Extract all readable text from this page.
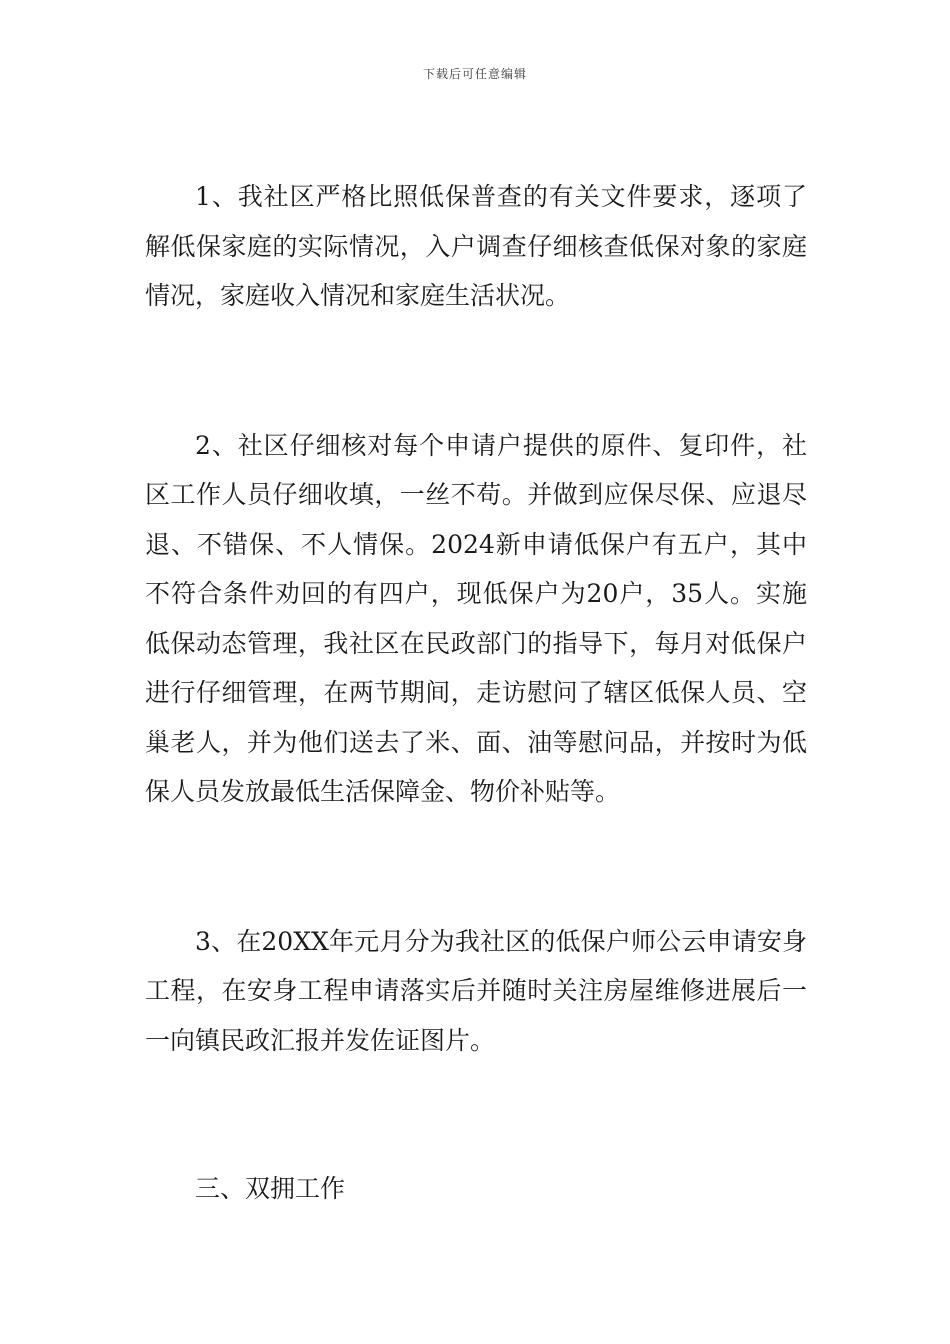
下载后可任意编辑

1、我社区严格比照低保普查的有关文件要求，逐项了解低保家庭的实际情况，入户调查仔细核查低保对象的家庭情况，家庭收入情况和家庭生活状况。

2、社区仔细核对每个申请户提供的原件、复印件，社区工作人员仔细收填，一丝不苟。并做到应保尽保、应退尽退、不错保、不人情保。2024新申请低保户有五户，其中不符合条件劝回的有四户，现低保户为20户，35人。实施低保动态管理，我社区在民政部门的指导下，每月对低保户进行仔细管理，在两节期间，走访慰问了辖区低保人员、空巢老人，并为他们送去了米、面、油等慰问品，并按时为低保人员发放最低生活保障金、物价补贴等。

3、在20XX年元月分为我社区的低保户师公云申请安身工程，在安身工程申请落实后并随时关注房屋维修进展后一一向镇民政汇报并发佐证图片。

三、双拥工作
